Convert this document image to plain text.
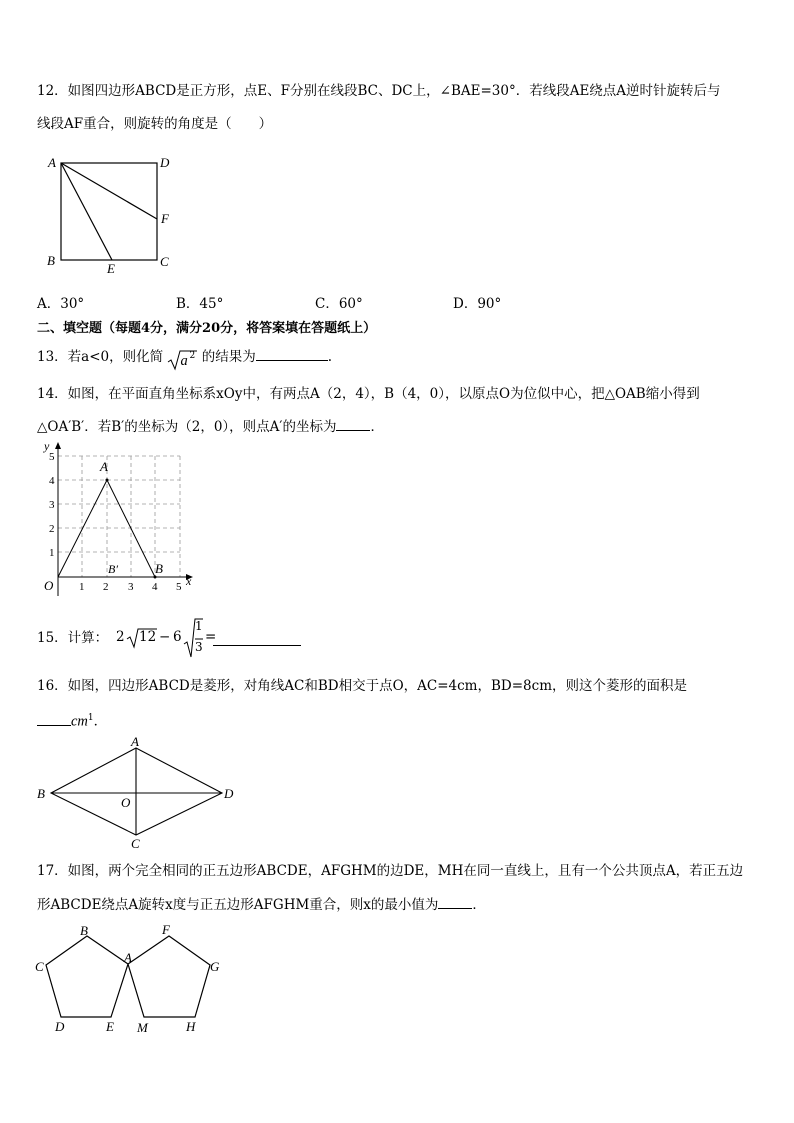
12．如图四边形ABCD是正方形，点E、F分别在线段BC、DC上，∠BAE=30°．若线段AE绕点A逆时针旋转后与
线段AF重合，则旋转的角度是（　　）
A	D
F
B
E	C
A．30°	B．45°	C．60°	D．90°
二、填空题（每题4分，满分20分，将答案填在答题纸上）
13．若a<0，则化简 a 2 的结果为	.
14．如图，在平面直角坐标系xOy中，有两点A（2，4），B（4，0），以原点O为位似中心，把△OAB缩小得到
△OA′B′．若B′的坐标为（2，0），则点A′的坐标为	．
y
x
O 1 2 3 4 5
1
2
3
4
5
A
B
B′
15．计算： 2 12 − 6
1
3
=
16．如图，四边形ABCD是菱形，对角线AC和BD相交于点O，AC=4cm，BD=8cm，则这个菱形的面积是
$cm^1$．
A
B
O
D
C
17．如图，两个完全相同的正五边形ABCDE，AFGHM的边DE，MH在同一直线上，且有一个公共顶点A，若正五边
形ABCDE绕点A旋转x度与正五边形AFGHM重合，则x的最小值为	．
B	F
C
A
G
D	E M	H
